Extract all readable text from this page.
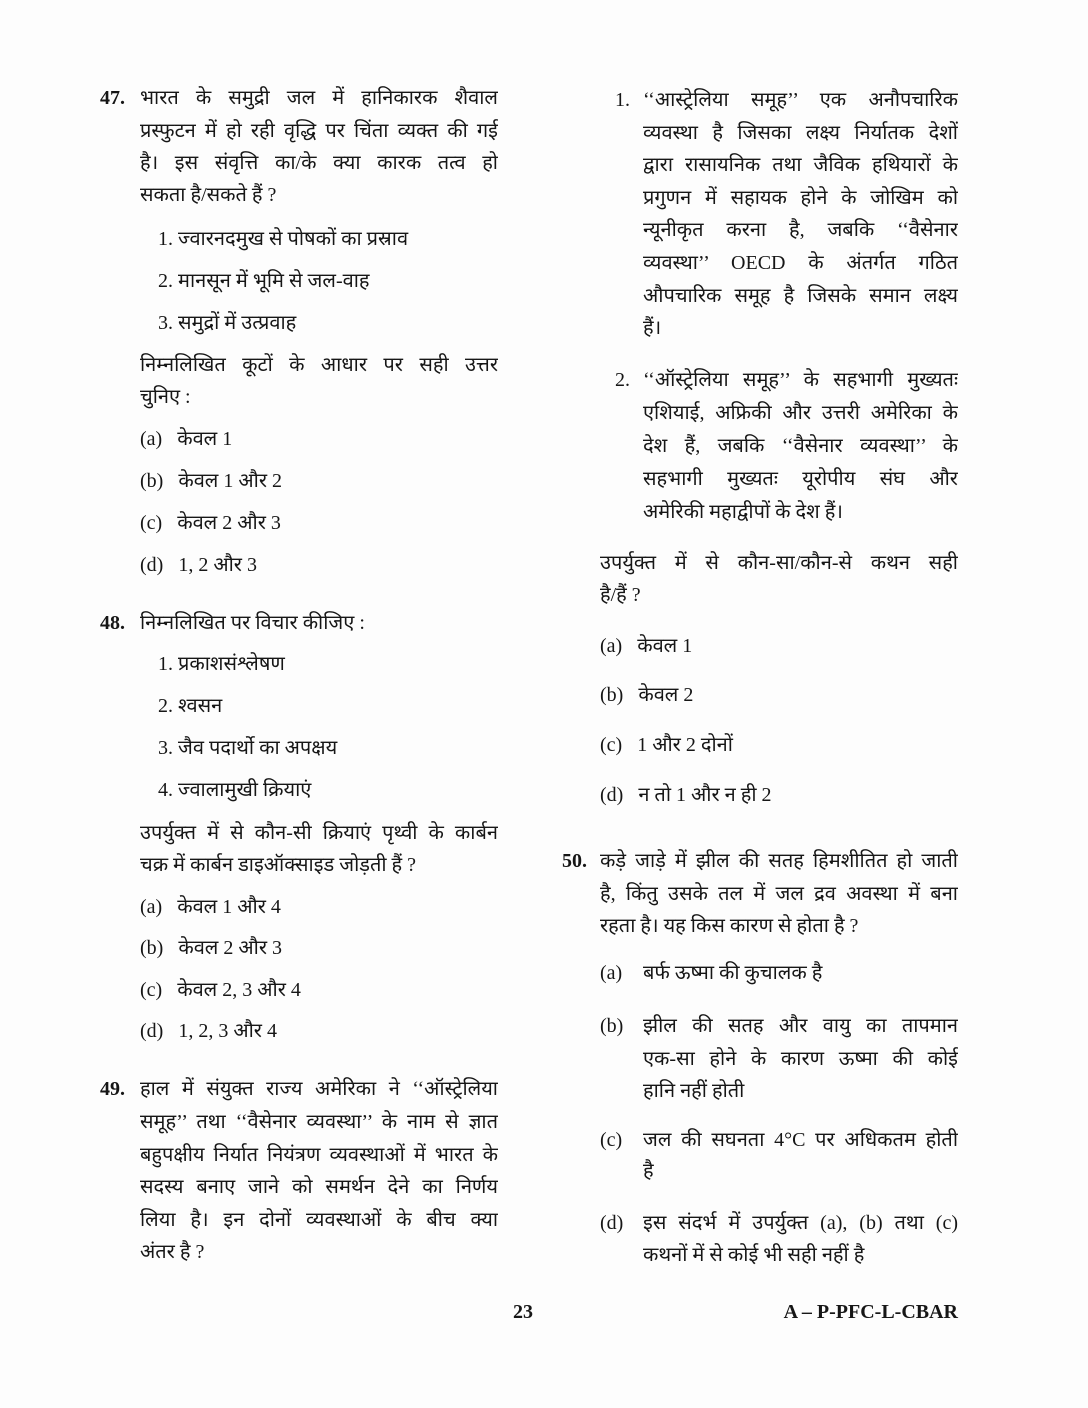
47. भारत के समुद्री जल में हानिकारक शैवाल
प्रस्फुटन में हो रही वृद्धि पर चिंता व्यक्त की गई
है। इस संवृत्ति का/के क्या कारक तत्व हो
सकता है/सकते हैं ?
1. ज्वारनदमुख से पोषकों का प्रस्राव
2. मानसून में भूमि से जल-वाह
3. समुद्रों में उत्प्रवाह
निम्नलिखित कूटों के आधार पर सही उत्तर
चुनिए :
(a) केवल 1
(b) केवल 1 और 2
(c) केवल 2 और 3
(d) 1, 2 और 3
48. निम्नलिखित पर विचार कीजिए :
1. प्रकाशसंश्लेषण
2. श्वसन
3. जैव पदार्थो का अपक्षय
4. ज्वालामुखी क्रियाएं
उपर्युक्त में से कौन-सी क्रियाएं पृथ्वी के कार्बन
चक्र में कार्बन डाइऑक्साइड जोड़ती हैं ?
(a) केवल 1 और 4
(b) केवल 2 और 3
(c) केवल 2, 3 और 4
(d) 1, 2, 3 और 4
49. हाल में संयुक्त राज्य अमेरिका ने ‘‘ऑस्ट्रेलिया
समूह’’ तथा ‘‘वैसेनार व्यवस्था’’ के नाम से ज्ञात
बहुपक्षीय निर्यात नियंत्रण व्यवस्थाओं में भारत के
सदस्य बनाए जाने को समर्थन देने का निर्णय
लिया है। इन दोनों व्यवस्थाओं के बीच क्या
अंतर है ?
1. ‘‘आस्ट्रेलिया समूह’’ एक अनौपचारिक
व्यवस्था है जिसका लक्ष्य निर्यातक देशों
द्वारा रासायनिक तथा जैविक हथियारों के
प्रगुणन में सहायक होने के जोखिम को
न्यूनीकृत करना है, जबकि ‘‘वैसेनार
व्यवस्था’’ OECD के अंतर्गत गठित
औपचारिक समूह है जिसके समान लक्ष्य
हैं।
2. ‘‘ऑस्ट्रेलिया समूह’’ के सहभागी मुख्यतः
एशियाई, अफ्रिकी और उत्तरी अमेरिका के
देश हैं, जबकि ‘‘वैसेनार व्यवस्था’’ के
सहभागी मुख्यतः यूरोपीय संघ और
अमेरिकी महाद्वीपों के देश हैं।
उपर्युक्त में से कौन-सा/कौन-से कथन सही
है/हैं ?
(a) केवल 1
(b) केवल 2
(c) 1 और 2 दोनों
(d) न तो 1 और न ही 2
50. कड़े जाड़े में झील की सतह हिमशीतित हो जाती
है, किंतु उसके तल में जल द्रव अवस्था में बना
रहता है। यह किस कारण से होता है ?
(a) बर्फ ऊष्मा की कुचालक है
(b) झील की सतह और वायु का तापमान
एक-सा होने के कारण ऊष्मा की कोई
हानि नहीं होती
(c) जल की सघनता 4°C पर अधिकतम होती
है
(d) इस संदर्भ में उपर्युक्त (a), (b) तथा (c)
कथनों में से कोई भी सही नहीं है
23	A – P-PFC-L-CBAR
